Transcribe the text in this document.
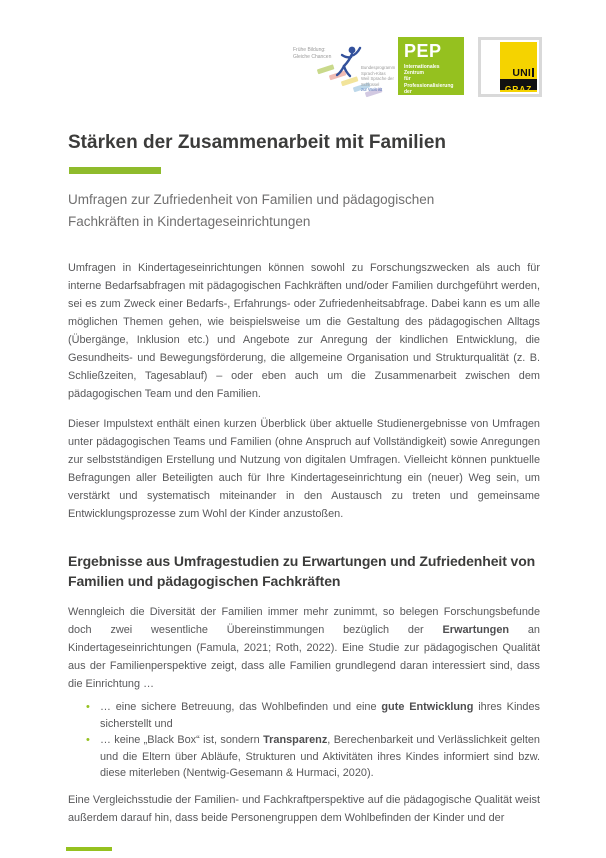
Frühe Bildung:
Gleiche Chancen
Bundesprogramm Sprach-Kitas
Weil Sprache der Schlüssel
zur Welt ist
PEP
Internationales Zentrum
für Professionalisierung
der Elementarpädagogik
UNI
GRAZ
Stärken der Zusammenarbeit mit Familien
Umfragen zur Zufriedenheit von Familien und pädagogischen Fachkräften in Kindertageseinrichtungen

Umfragen in Kindertageseinrichtungen können sowohl zu Forschungszwecken als auch für interne Bedarfsabfragen mit pädagogischen Fachkräften und/oder Familien durchgeführt werden, sei es zum Zweck einer Bedarfs-, Erfahrungs- oder Zufriedenheitsabfrage. Dabei kann es um alle möglichen Themen gehen, wie beispielsweise um die Gestaltung des pädagogischen Alltags (Übergänge, Inklusion etc.) und Angebote zur Anregung der kindlichen Entwicklung, die Gesundheits- und Bewegungsförderung, die allgemeine Organisation und Strukturqualität (z. B. Schließzeiten, Tagesablauf) – oder eben auch um die Zusammenarbeit zwischen dem pädagogischen Team und den Familien.

Dieser Impulstext enthält einen kurzen Überblick über aktuelle Studienergebnisse von Umfragen unter pädagogischen Teams und Familien (ohne Anspruch auf Vollständigkeit) sowie Anregungen zur selbstständigen Erstellung und Nutzung von digitalen Umfragen. Vielleicht können punktuelle Befragungen aller Beteiligten auch für Ihre Kindertageseinrichtung ein (neuer) Weg sein, um verstärkt und systematisch miteinander in den Austausch zu treten und gemeinsame Entwicklungsprozesse zum Wohl der Kinder anzustoßen.

Ergebnisse aus Umfragestudien zu Erwartungen und Zufriedenheit von Familien und pädagogischen Fachkräften

Wenngleich die Diversität der Familien immer mehr zunimmt, so belegen Forschungsbefunde doch zwei wesentliche Übereinstimmungen bezüglich der Erwartungen an Kindertageseinrichtungen (Famula, 2021; Roth, 2022). Eine Studie zur pädagogischen Qualität aus der Familienperspektive zeigt, dass alle Familien grundlegend daran interessiert sind, dass die Einrichtung …

• … eine sichere Betreuung, das Wohlbefinden und eine gute Entwicklung ihres Kindes sicherstellt und
• … keine „Black Box“ ist, sondern Transparenz, Berechenbarkeit und Verlässlichkeit gelten und die Eltern über Abläufe, Strukturen und Aktivitäten ihres Kindes informiert sind bzw. diese miterleben (Nentwig-Gesemann & Hurmaci, 2020).

Eine Vergleichsstudie der Familien- und Fachkraftperspektive auf die pädagogische Qualität weist außerdem darauf hin, dass beide Personengruppen dem Wohlbefinden der Kinder und der
